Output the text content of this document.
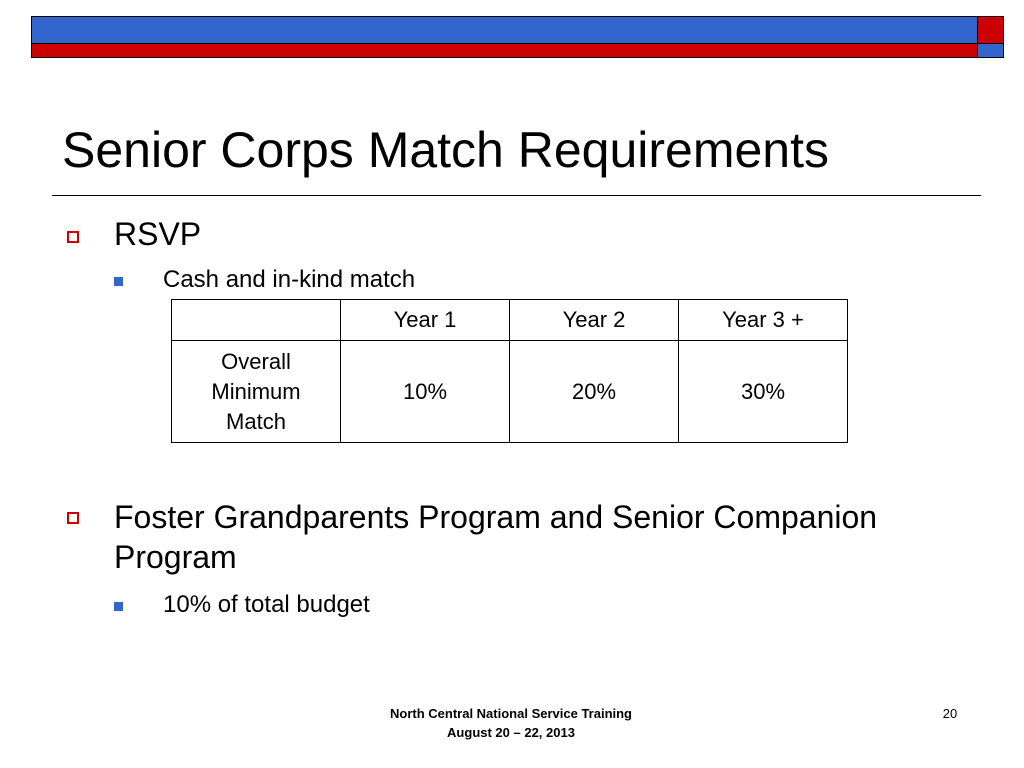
Senior Corps Match Requirements
RSVP
Cash and in-kind match
	Year 1	Year 2	Year 3 +
Overall
Minimum
Match	10%	20%	30%
Foster Grandparents Program and Senior Companion Program
10% of total budget
North Central National Service Training
August 20 – 22, 2013
20
